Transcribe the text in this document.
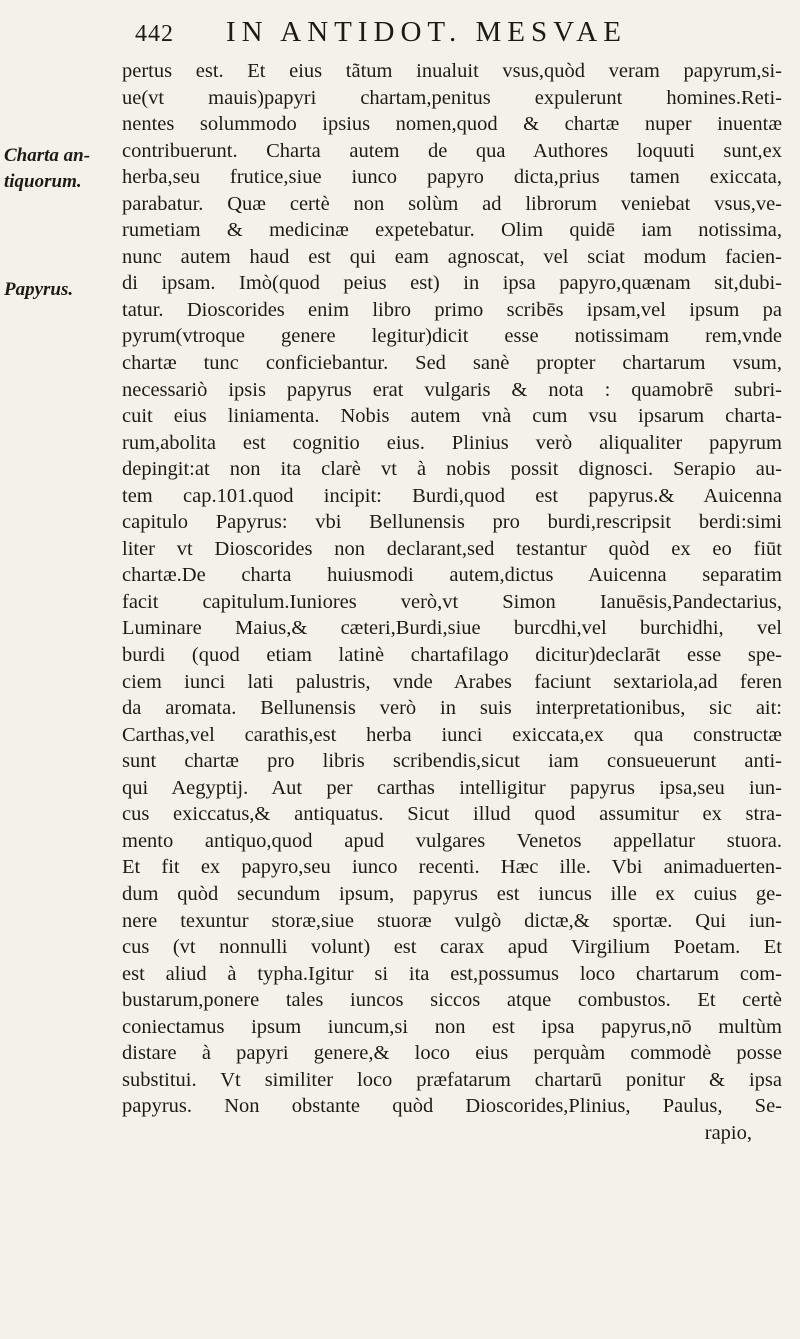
442 IN ANTIDOT. MESVAE
Charta an-
tiquorum.
Papyrus.
pertus est. Et eius tãtum inualuit vsus,quòd veram papyrum,si-
ue(vt mauis)papyri chartam,penitus expulerunt homines.Reti-
nentes solummodo ipsius nomen,quod & chartæ nuper inuentæ
contribuerunt. Charta autem de qua Authores loquuti sunt,ex
herba,seu frutice,siue iunco papyro dicta,prius tamen exiccata,
parabatur. Quæ certè non solùm ad librorum veniebat vsus,ve-
rumetiam & medicinæ expetebatur. Olim quidē iam notissima,
nunc autem haud est qui eam agnoscat, vel sciat modum facien-
di ipsam. Imò(quod peius est) in ipsa papyro,quænam sit,dubi-
tatur. Dioscorides enim libro primo scribēs ipsam,vel ipsum pa
pyrum(vtroque genere legitur)dicit esse notissimam rem,vnde
chartæ tunc conficiebantur. Sed sanè propter chartarum vsum,
necessariò ipsis papyrus erat vulgaris & nota : quamobrē subri-
cuit eius liniamenta. Nobis autem vnà cum vsu ipsarum charta-
rum,abolita est cognitio eius. Plinius verò aliqualiter papyrum
depingit:at non ita clarè vt à nobis possit dignosci. Serapio au-
tem cap.101.quod incipit: Burdi,quod est papyrus.& Auicenna
capitulo Papyrus: vbi Bellunensis pro burdi,rescripsit berdi:simi
liter vt Dioscorides non declarant,sed testantur quòd ex eo fiūt
chartæ.De charta huiusmodi autem,dictus Auicenna separatim
facit capitulum.Iuniores verò,vt Simon Ianuēsis,Pandectarius,
Luminare Maius,& cæteri,Burdi,siue burcdhi,vel burchidhi, vel
burdi (quod etiam latinè chartafilago dicitur)declarāt esse spe-
ciem iunci lati palustris, vnde Arabes faciunt sextariola,ad feren
da aromata. Bellunensis verò in suis interpretationibus, sic ait:
Carthas,vel carathis,est herba iunci exiccata,ex qua constructæ
sunt chartæ pro libris scribendis,sicut iam consueuerunt anti-
qui Aegyptij. Aut per carthas intelligitur papyrus ipsa,seu iun-
cus exiccatus,& antiquatus. Sicut illud quod assumitur ex stra-
mento antiquo,quod apud vulgares Venetos appellatur stuora.
Et fit ex papyro,seu iunco recenti. Hæc ille. Vbi animaduerten-
dum quòd secundum ipsum, papyrus est iuncus ille ex cuius ge-
nere texuntur storæ,siue stuoræ vulgò dictæ,& sportæ. Qui iun-
cus (vt nonnulli volunt) est carax apud Virgilium Poetam. Et
est aliud à typha.Igitur si ita est,possumus loco chartarum com-
bustarum,ponere tales iuncos siccos atque combustos. Et certè
coniectamus ipsum iuncum,si non est ipsa papyrus,nō multùm
distare à papyri genere,& loco eius perquàm commodè posse
substitui. Vt similiter loco præfatarum chartarū ponitur & ipsa
papyrus. Non obstante quòd Dioscorides,Plinius, Paulus, Se-
rapio,
